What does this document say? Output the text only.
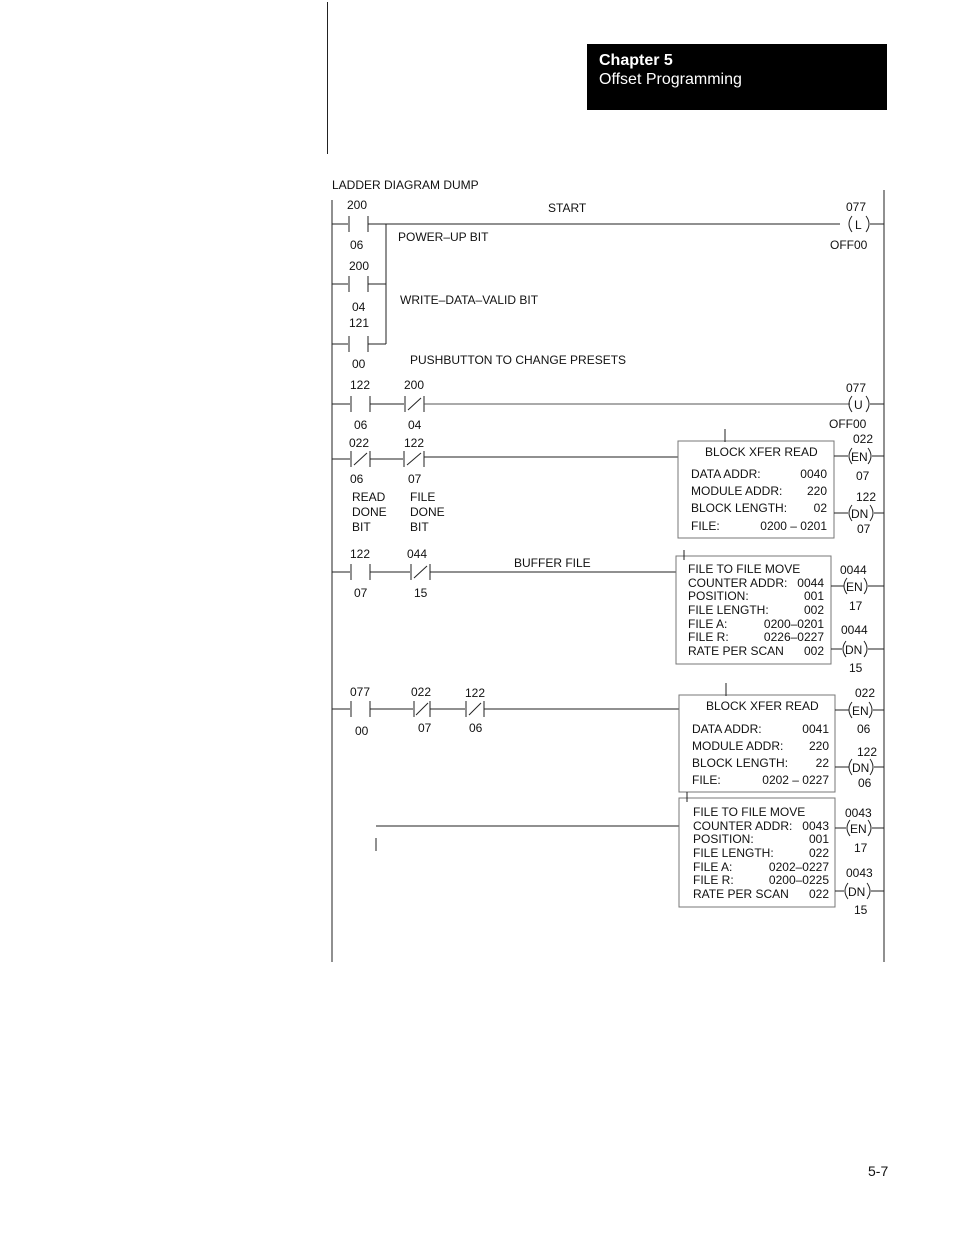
Chapter 5
Offset Programming
LADDER DIAGRAM DUMP
200
06
START
POWER–UP BIT
200
04	WRITE–DATA–VALID BIT
121
00	PUSHBUTTON TO CHANGE PRESETS
077
L
OFF00
122
06
200
04
077
U
OFF00
022
06
READ
DONE
BIT
122
07
FILE
DONE
BIT
BLOCK XFER READ
DATA ADDR:	0040
MODULE ADDR: 220
BLOCK LENGTH: 02
FILE:	0200 – 0201
022
EN
07
122
DN
07
122
07
044
15
BUFFER FILE	FILE TO FILE MOVE
COUNTER ADDR: 0044
POSITION:	001
FILE LENGTH:	002
FILE A:	0200–0201
FILE R:	0226–0227
RATE PER SCAN 002
0044
EN
17
0044
DN
15
077
00
022
07
122
06
BLOCK XFER READ
DATA ADDR:	0041
MODULE ADDR: 220
BLOCK LENGTH: 22
FILE:	0202 – 0227
022
EN
06
122
DN
06
FILE TO FILE MOVE
COUNTER ADDR: 0043
POSITION:	001
FILE LENGTH:	022
FILE A:	0202–0227
FILE R:	0200–0225
RATE PER SCAN 022
0043
EN
17
0043
DN
15
5-7
